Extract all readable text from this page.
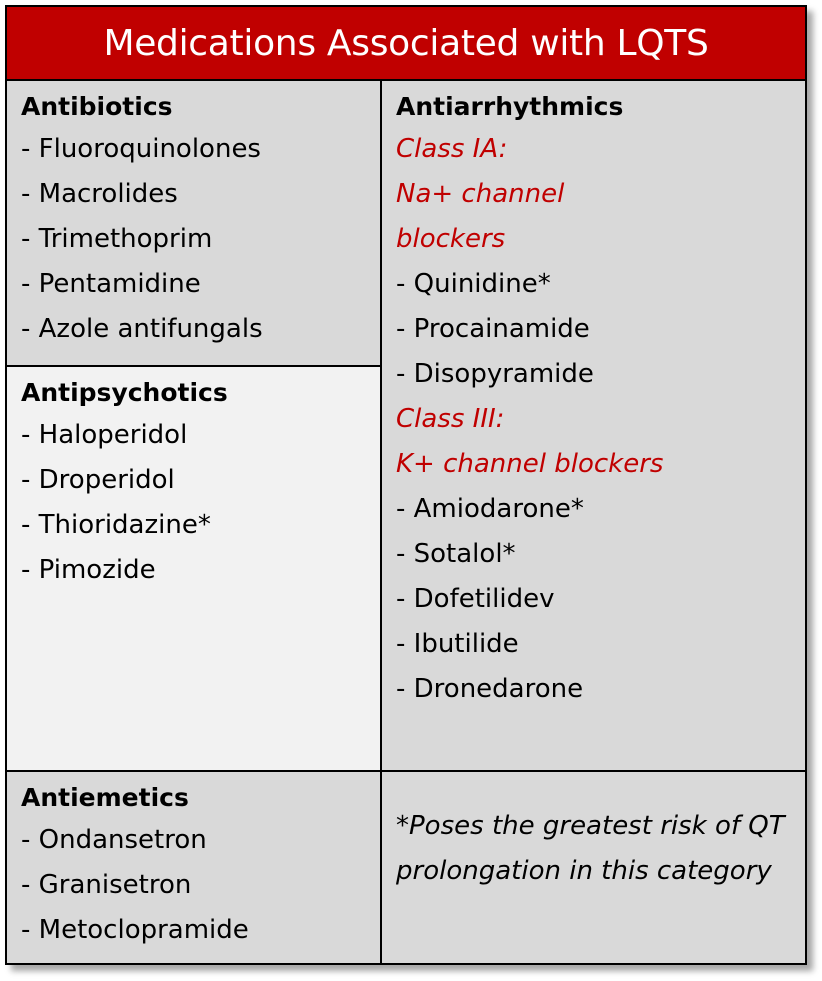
Medications Associated with LQTS
Antibiotics
- Fluoroquinolones
- Macrolides
- Trimethoprim
- Pentamidine
- Azole antifungals
Antipsychotics
- Haloperidol
- Droperidol
- Thioridazine*
- Pimozide
Antiarrhythmics
Class IA:
Na+ channel
blockers
- Quinidine*
- Procainamide
- Disopyramide
Class III:
K+ channel blockers
- Amiodarone*
- Sotalol*
- Dofetilidev
- Ibutilide
- Dronedarone
Antiemetics
- Ondansetron
- Granisetron
- Metoclopramide
*Poses the greatest risk of QT prolongation in this category
